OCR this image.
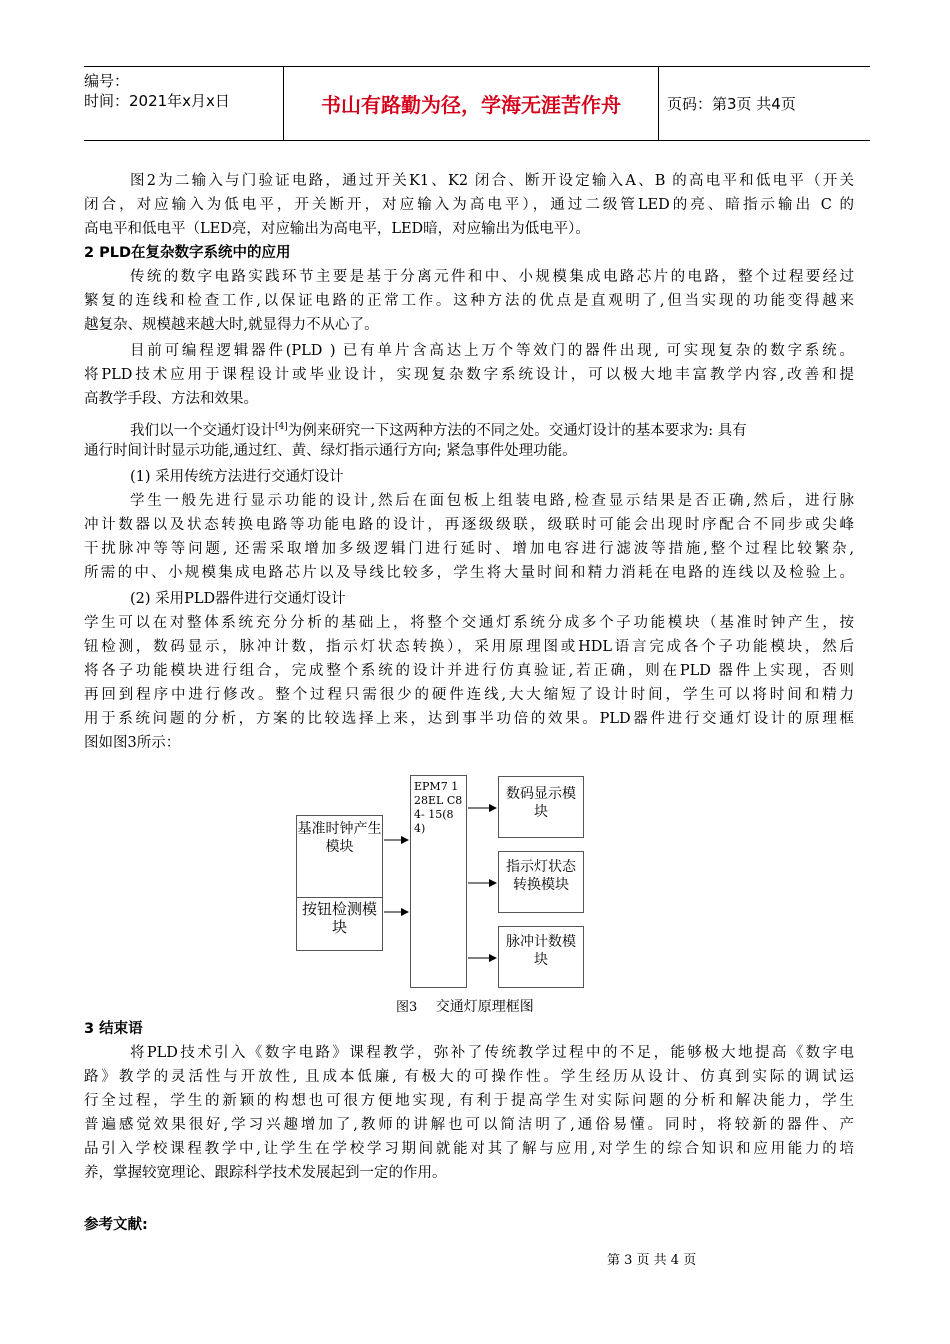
编号：
时间：2021年x月x日	书山有路勤为径，学海无涯苦作舟	页码：第3页 共4页
图2为二输入与门验证电路，通过开关K1、K2 闭合、断开设定输入A、B 的高电平和低电平（开关
闭合，对应输入为低电平，开关断开，对应输入为高电平），通过二级管LED的亮、暗指示输出 C 的
高电平和低电平（LED亮，对应输出为高电平，LED暗，对应输出为低电平）。
2 PLD在复杂数字系统中的应用
传统的数字电路实践环节主要是基于分离元件和中、小规模集成电路芯片的电路，整个过程要经过
繁复的连线和检查工作,以保证电路的正常工作。这种方法的优点是直观明了,但当实现的功能变得越来
越复杂、规模越来越大时,就显得力不从心了。
目前可编程逻辑器件(PLD ) 已有单片含高达上万个等效门的器件出现, 可实现复杂的数字系统。
将PLD技术应用于课程设计或毕业设计，实现复杂数字系统设计，可以极大地丰富教学内容,改善和提
高教学手段、方法和效果。
我们以一个交通灯设计[4]为例来研究一下这两种方法的不同之处。交通灯设计的基本要求为: 具有
通行时间计时显示功能,通过红、黄、绿灯指示通行方向; 紧急事件处理功能。
(1) 采用传统方法进行交通灯设计
学生一般先进行显示功能的设计,然后在面包板上组装电路,检查显示结果是否正确,然后，进行脉
冲计数器以及状态转换电路等功能电路的设计，再逐级级联，级联时可能会出现时序配合不同步或尖峰
干扰脉冲等等问题, 还需采取增加多级逻辑门进行延时、增加电容进行滤波等措施,整个过程比较繁杂,
所需的中、小规模集成电路芯片以及导线比较多，学生将大量时间和精力消耗在电路的连线以及检验上。
(2) 采用PLD器件进行交通灯设计
学生可以在对整体系统充分分析的基础上，将整个交通灯系统分成多个子功能模块（基准时钟产生，按
钮检测，数码显示，脉冲计数，指示灯状态转换），采用原理图或HDL语言完成各个子功能模块，然后
将各子功能模块进行组合，完成整个系统的设计并进行仿真验证,若正确，则在PLD 器件上实现，否则
再回到程序中进行修改。整个过程只需很少的硬件连线,大大缩短了设计时间，学生可以将时间和精力
用于系统问题的分析，方案的比较选择上来，达到事半功倍的效果。PLD器件进行交通灯设计的原理框
图如图3所示：
EPM7 128EL C84- 15(84)
基准时钟产生模块
按钮检测模块
数码显示模块
指示灯状态转换模块
脉冲计数模块
图3 交通灯原理框图
3 结束语
将PLD技术引入《数字电路》课程教学，弥补了传统教学过程中的不足，能够极大地提高《数字电
路》教学的灵活性与开放性, 且成本低廉, 有极大的可操作性。学生经历从设计、仿真到实际的调试运
行全过程，学生的新颖的构想也可很方便地实现, 有利于提高学生对实际问题的分析和解决能力，学生
普遍感觉效果很好,学习兴趣增加了,教师的讲解也可以简洁明了,通俗易懂。同时，将较新的器件、产
品引入学校课程教学中,让学生在学校学习期间就能对其了解与应用,对学生的综合知识和应用能力的培
养，掌握较宽理论、跟踪科学技术发展起到一定的作用。
参考文献:
第 3 页 共 4 页
